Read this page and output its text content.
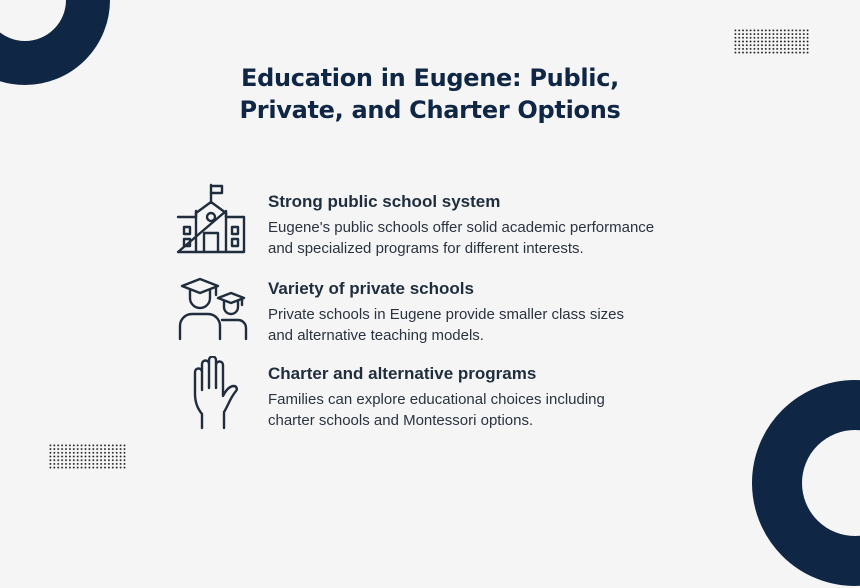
Education in Eugene: Public,
Private, and Charter Options
Strong public school system

Eugene's public schools offer solid academic performance
and specialized programs for different interests.

Variety of private schools

Private schools in Eugene provide smaller class sizes
and alternative teaching models.

Charter and alternative programs

Families can explore educational choices including
charter schools and Montessori options.
